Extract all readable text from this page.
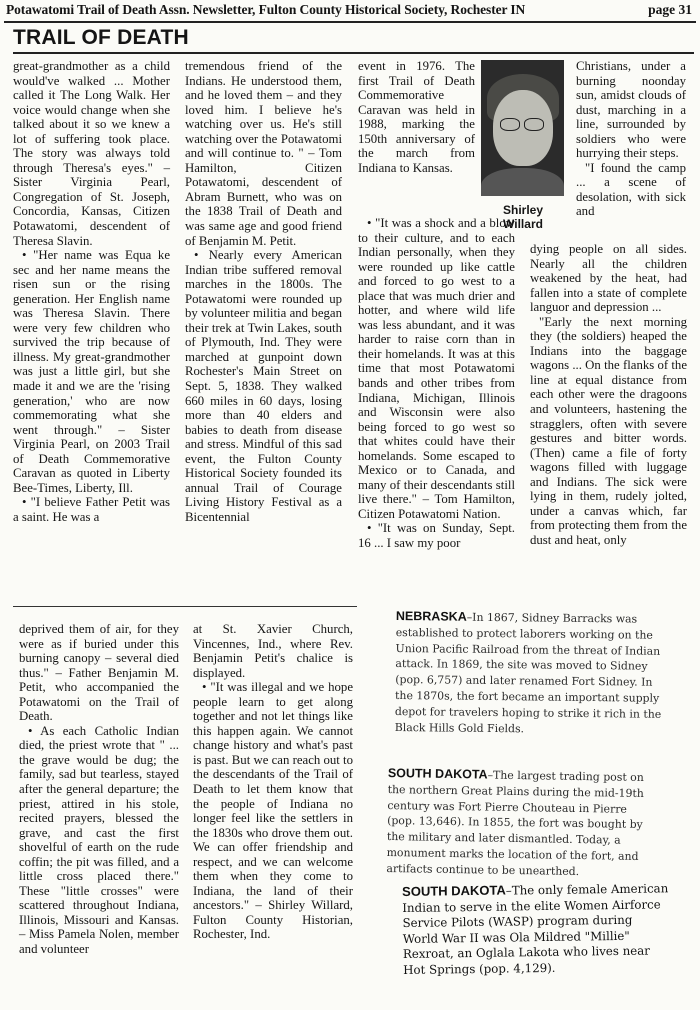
Potawatomi Trail of Death Assn. Newsletter, Fulton County Historical Society, Rochester IN	page 31
TRAIL OF DEATH

great-grandmother as a child would've walked ... Mother called it The Long Walk. Her voice would change when she talked about it so we knew a lot of suffering took place. The story was always told through Theresa's eyes." – Sister Virginia Pearl, Congregation of St. Joseph, Concordia, Kansas, Citizen Potawatomi, descendent of Theresa Slavin.

• "Her name was Equa ke sec and her name means the risen sun or the rising generation. Her English name was Theresa Slavin. There were very few children who survived the trip because of illness. My great-grandmother was just a little girl, but she made it and we are the 'rising generation,' who are now commemorating what she went through." – Sister Virginia Pearl, on 2003 Trail of Death Commemorative Caravan as quoted in Liberty Bee-Times, Liberty, Ill.

• "I believe Father Petit was a saint. He was a

tremendous friend of the Indians. He understood them, and he loved them – and they loved him. I believe he's watching over us. He's still watching over the Potawatomi and will continue to. " – Tom Hamilton, Citizen Potawatomi, descendent of Abram Burnett, who was on the 1838 Trail of Death and was same age and good friend of Benjamin M. Petit.

• Nearly every American Indian tribe suffered removal marches in the 1800s. The Potawatomi were rounded up by volunteer militia and began their trek at Twin Lakes, south of Plymouth, Ind. They were marched at gunpoint down Rochester's Main Street on Sept. 5, 1838. They walked 660 miles in 60 days, losing more than 40 elders and babies to death from disease and stress. Mindful of this sad event, the Fulton County Historical Society founded its annual Trail of Courage Living History Festival as a Bicentennial

event in 1976. The first Trail of Death Commemorative Caravan was held in 1988, marking the 150th anniversary of the march from Indiana to Kansas.

Shirley
Willard

Christians, under a burning noonday sun, amidst clouds of dust, marching in a line, surrounded by soldiers who were hurrying their steps.

"I found the camp ... a scene of desolation, with sick and

• "It was a shock and a blow to their culture, and to each Indian personally, when they were rounded up like cattle and forced to go west to a place that was much drier and hotter, and where wild life was less abundant, and it was harder to raise corn than in their homelands. It was at this time that most Potawatomi bands and other tribes from Indiana, Michigan, Illinois and Wisconsin were also being forced to go west so that whites could have their homelands. Some escaped to Mexico or to Canada, and many of their descendants still live there." – Tom Hamilton, Citizen Potawatomi Nation.

• "It was on Sunday, Sept. 16 ... I saw my poor

dying people on all sides. Nearly all the children weakened by the heat, had fallen into a state of complete languor and depression ...

"Early the next morning they (the soldiers) heaped the Indians into the baggage wagons ... On the flanks of the line at equal distance from each other were the dragoons and volunteers, hastening the stragglers, often with severe gestures and bitter words. (Then) came a file of forty wagons filled with luggage and Indians. The sick were lying in them, rudely jolted, under a canvas which, far from protecting them from the dust and heat, only

deprived them of air, for they were as if buried under this burning canopy – several died thus." – Father Benjamin M. Petit, who accompanied the Potawatomi on the Trail of Death.

• As each Catholic Indian died, the priest wrote that " ... the grave would be dug; the family, sad but tearless, stayed after the general departure; the priest, attired in his stole, recited prayers, blessed the grave, and cast the first shovelful of earth on the rude coffin; the pit was filled, and a little cross placed there." These "little crosses" were scattered throughout Indiana, Illinois, Missouri and Kansas. – Miss Pamela Nolen, member and volunteer

at St. Xavier Church, Vincennes, Ind., where Rev. Benjamin Petit's chalice is displayed.

• "It was illegal and we hope people learn to get along together and not let things like this happen again. We cannot change history and what's past is past. But we can reach out to the descendants of the Trail of Death to let them know that the people of Indiana no longer feel like the settlers in the 1830s who drove them out. We can offer friendship and respect, and we can welcome them when they come to Indiana, the land of their ancestors." – Shirley Willard, Fulton County Historian, Rochester, Ind.

NEBRASKA–In 1867, Sidney Barracks was established to protect laborers working on the Union Pacific Railroad from the threat of Indian attack. In 1869, the site was moved to Sidney (pop. 6,757) and later renamed Fort Sidney. In the 1870s, the fort became an important supply depot for travelers hoping to strike it rich in the Black Hills Gold Fields.
SOUTH DAKOTA–The largest trading post on the northern Great Plains during the mid-19th century was Fort Pierre Chouteau in Pierre (pop. 13,646). In 1855, the fort was bought by the military and later dismantled. Today, a monument marks the location of the fort, and artifacts continue to be unearthed.
SOUTH DAKOTA–The only female American Indian to serve in the elite Women Airforce Service Pilots (WASP) program during World War II was Ola Mildred "Millie" Rexroat, an Oglala Lakota who lives near Hot Springs (pop. 4,129).
